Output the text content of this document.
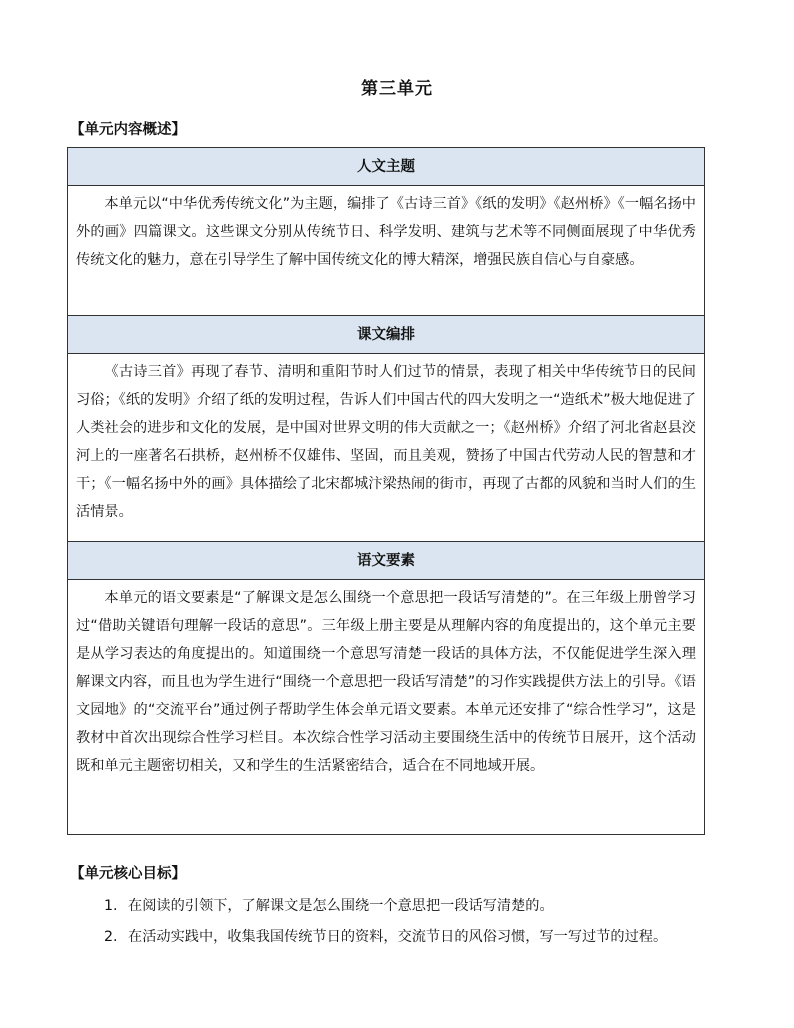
第三单元
【单元内容概述】
人文主题
本单元以“中华优秀传统文化”为主题，编排了《古诗三首》《纸的发明》《赵州桥》《一幅名扬中外的画》四篇课文。这些课文分别从传统节日、科学发明、建筑与艺术等不同侧面展现了中华优秀传统文化的魅力，意在引导学生了解中国传统文化的博大精深，增强民族自信心与自豪感。
课文编排
《古诗三首》再现了春节、清明和重阳节时人们过节的情景，表现了相关中华传统节日的民间习俗；《纸的发明》介绍了纸的发明过程，告诉人们中国古代的四大发明之一“造纸术”极大地促进了人类社会的进步和文化的发展，是中国对世界文明的伟大贡献之一；《赵州桥》介绍了河北省赵县洨河上的一座著名石拱桥，赵州桥不仅雄伟、坚固，而且美观，赞扬了中国古代劳动人民的智慧和才干；《一幅名扬中外的画》具体描绘了北宋都城汴梁热闹的街市，再现了古都的风貌和当时人们的生活情景。
语文要素
本单元的语文要素是“了解课文是怎么围绕一个意思把一段话写清楚的”。在三年级上册曾学习过“借助关键语句理解一段话的意思”。三年级上册主要是从理解内容的角度提出的，这个单元主要是从学习表达的角度提出的。知道围绕一个意思写清楚一段话的具体方法，不仅能促进学生深入理解课文内容，而且也为学生进行“围绕一个意思把一段话写清楚”的习作实践提供方法上的引导。《语文园地》的“交流平台”通过例子帮助学生体会单元语文要素。本单元还安排了“综合性学习”，这是教材中首次出现综合性学习栏目。本次综合性学习活动主要围绕生活中的传统节日展开，这个活动既和单元主题密切相关，又和学生的生活紧密结合，适合在不同地域开展。
【单元核心目标】
1. 在阅读的引领下，了解课文是怎么围绕一个意思把一段话写清楚的。
2. 在活动实践中，收集我国传统节日的资料，交流节日的风俗习惯，写一写过节的过程。
